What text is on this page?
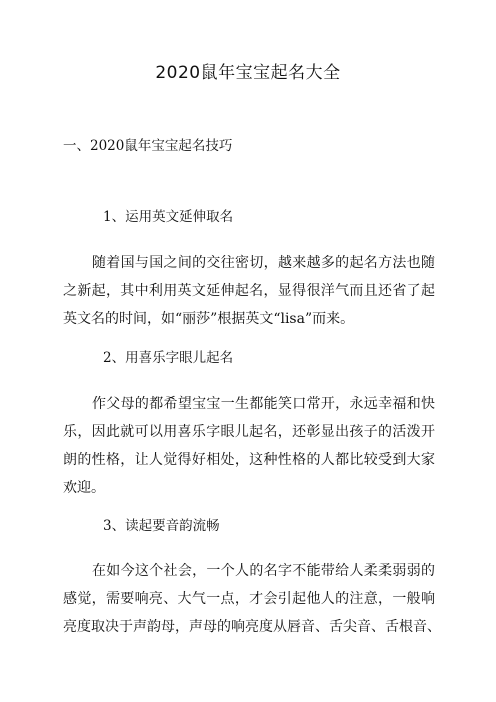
2020鼠年宝宝起名大全
一、2020鼠年宝宝起名技巧
1、运用英文延伸取名
随着国与国之间的交往密切，越来越多的起名方法也随
之新起，其中利用英文延伸起名，显得很洋气而且还省了起
英文名的时间，如“丽莎”根据英文“lisa”而来。
2、用喜乐字眼儿起名
作父母的都希望宝宝一生都能笑口常开，永远幸福和快
乐，因此就可以用喜乐字眼儿起名，还彰显出孩子的活泼开
朗的性格，让人觉得好相处，这种性格的人都比较受到大家
欢迎。
3、读起要音韵流畅
在如今这个社会，一个人的名字不能带给人柔柔弱弱的
感觉，需要响亮、大气一点，才会引起他人的注意，一般响
亮度取决于声韵母，声母的响亮度从唇音、舌尖音、舌根音、
